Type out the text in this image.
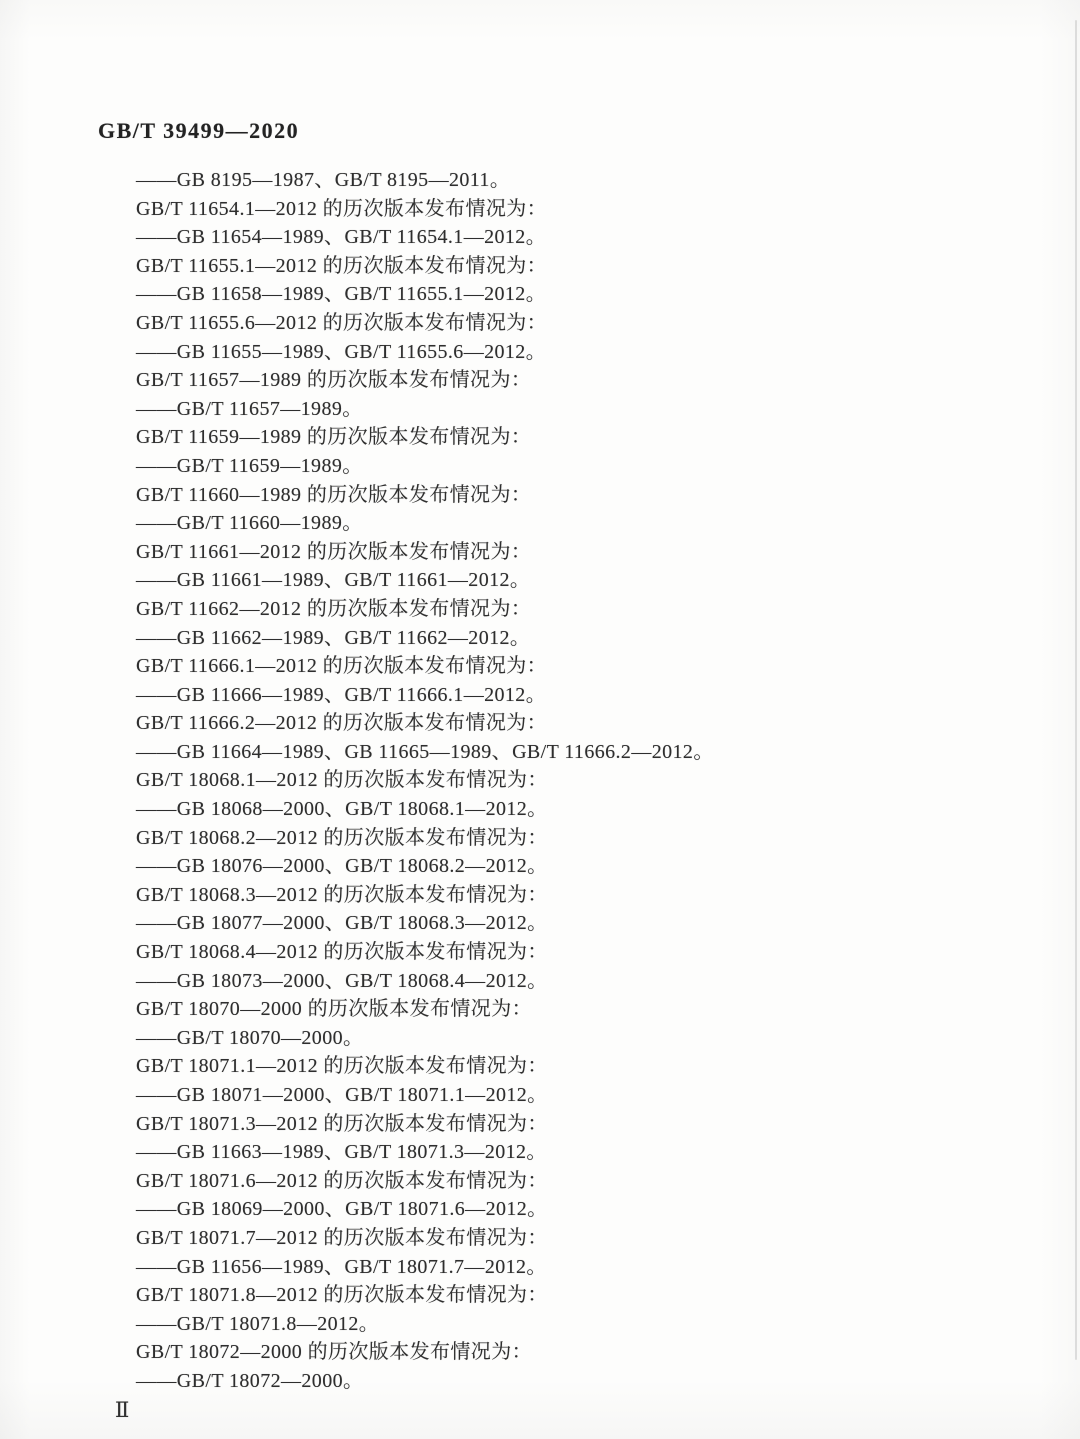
GB/T 39499—2020
——GB 8195—1987、GB/T 8195—2011。
GB/T 11654.1—2012 的历次版本发布情况为：
——GB 11654—1989、GB/T 11654.1—2012。
GB/T 11655.1—2012 的历次版本发布情况为：
——GB 11658—1989、GB/T 11655.1—2012。
GB/T 11655.6—2012 的历次版本发布情况为：
——GB 11655—1989、GB/T 11655.6—2012。
GB/T 11657—1989 的历次版本发布情况为：
——GB/T 11657—1989。
GB/T 11659—1989 的历次版本发布情况为：
——GB/T 11659—1989。
GB/T 11660—1989 的历次版本发布情况为：
——GB/T 11660—1989。
GB/T 11661—2012 的历次版本发布情况为：
——GB 11661—1989、GB/T 11661—2012。
GB/T 11662—2012 的历次版本发布情况为：
——GB 11662—1989、GB/T 11662—2012。
GB/T 11666.1—2012 的历次版本发布情况为：
——GB 11666—1989、GB/T 11666.1—2012。
GB/T 11666.2—2012 的历次版本发布情况为：
——GB 11664—1989、GB 11665—1989、GB/T 11666.2—2012。
GB/T 18068.1—2012 的历次版本发布情况为：
——GB 18068—2000、GB/T 18068.1—2012。
GB/T 18068.2—2012 的历次版本发布情况为：
——GB 18076—2000、GB/T 18068.2—2012。
GB/T 18068.3—2012 的历次版本发布情况为：
——GB 18077—2000、GB/T 18068.3—2012。
GB/T 18068.4—2012 的历次版本发布情况为：
——GB 18073—2000、GB/T 18068.4—2012。
GB/T 18070—2000 的历次版本发布情况为：
——GB/T 18070—2000。
GB/T 18071.1—2012 的历次版本发布情况为：
——GB 18071—2000、GB/T 18071.1—2012。
GB/T 18071.3—2012 的历次版本发布情况为：
——GB 11663—1989、GB/T 18071.3—2012。
GB/T 18071.6—2012 的历次版本发布情况为：
——GB 18069—2000、GB/T 18071.6—2012。
GB/T 18071.7—2012 的历次版本发布情况为：
——GB 11656—1989、GB/T 18071.7—2012。
GB/T 18071.8—2012 的历次版本发布情况为：
——GB/T 18071.8—2012。
GB/T 18072—2000 的历次版本发布情况为：
——GB/T 18072—2000。
Ⅱ
